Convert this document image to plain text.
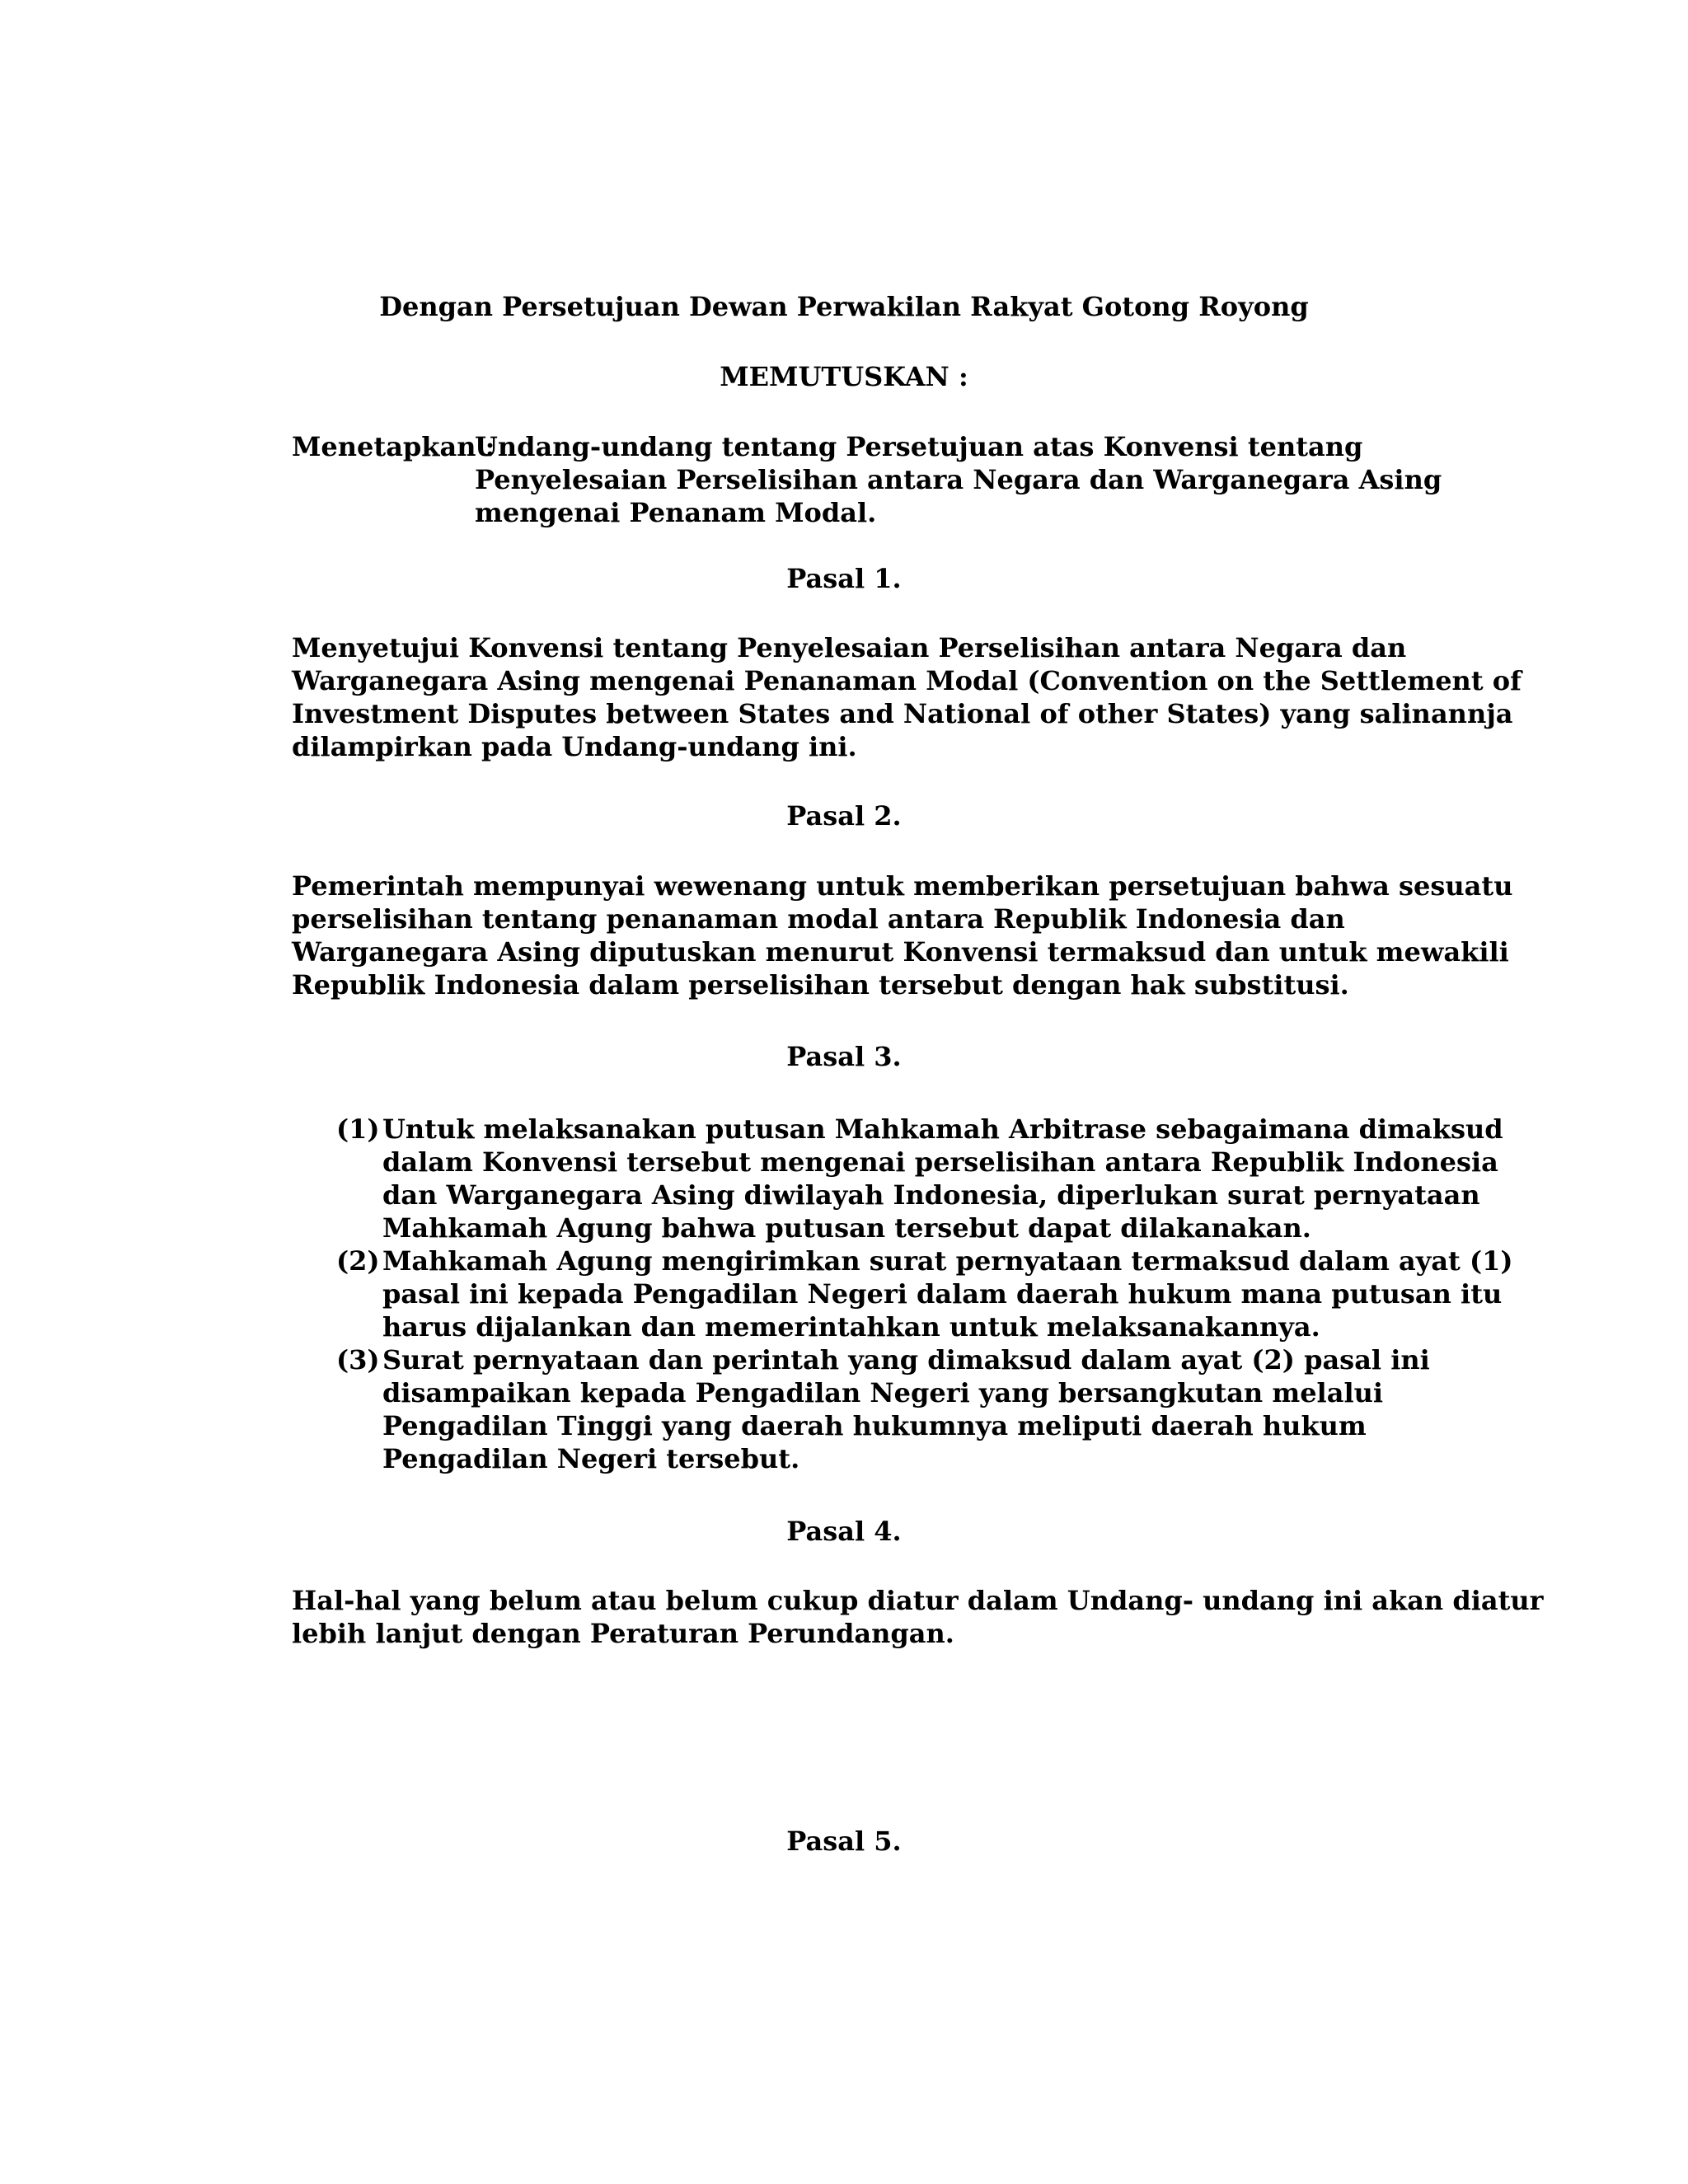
Dengan Persetujuan Dewan Perwakilan Rakyat Gotong Royong
MEMUTUSKAN :
Menetapkan :
Undang-undang tentang Persetujuan atas Konvensi tentang
Penyelesaian Perselisihan antara Negara dan Warganegara Asing
mengenai Penanam Modal.
Pasal 1.
Menyetujui Konvensi tentang Penyelesaian Perselisihan antara Negara dan
Warganegara Asing mengenai Penanaman Modal (Convention on the Settlement of
Investment Disputes between States and National of other States) yang salinannja
dilampirkan pada Undang-undang ini.
Pasal 2.
Pemerintah mempunyai wewenang untuk memberikan persetujuan bahwa sesuatu
perselisihan tentang penanaman modal antara Republik Indonesia dan
Warganegara Asing diputuskan menurut Konvensi termaksud dan untuk mewakili
Republik Indonesia dalam perselisihan tersebut dengan hak substitusi.
Pasal 3.
(1) Untuk melaksanakan putusan Mahkamah Arbitrase sebagaimana dimaksud
dalam Konvensi tersebut mengenai perselisihan antara Republik Indonesia
dan Warganegara Asing diwilayah Indonesia, diperlukan surat pernyataan
Mahkamah Agung bahwa putusan tersebut dapat dilakanakan.
(2) Mahkamah Agung mengirimkan surat pernyataan termaksud dalam ayat (1)
pasal ini kepada Pengadilan Negeri dalam daerah hukum mana putusan itu
harus dijalankan dan memerintahkan untuk melaksanakannya.
(3) Surat pernyataan dan perintah yang dimaksud dalam ayat (2) pasal ini
disampaikan kepada Pengadilan Negeri yang bersangkutan melalui
Pengadilan Tinggi yang daerah hukumnya meliputi daerah hukum
Pengadilan Negeri tersebut.
Pasal 4.
Hal-hal yang belum atau belum cukup diatur dalam Undang- undang ini akan diatur
lebih lanjut dengan Peraturan Perundangan.
Pasal 5.
